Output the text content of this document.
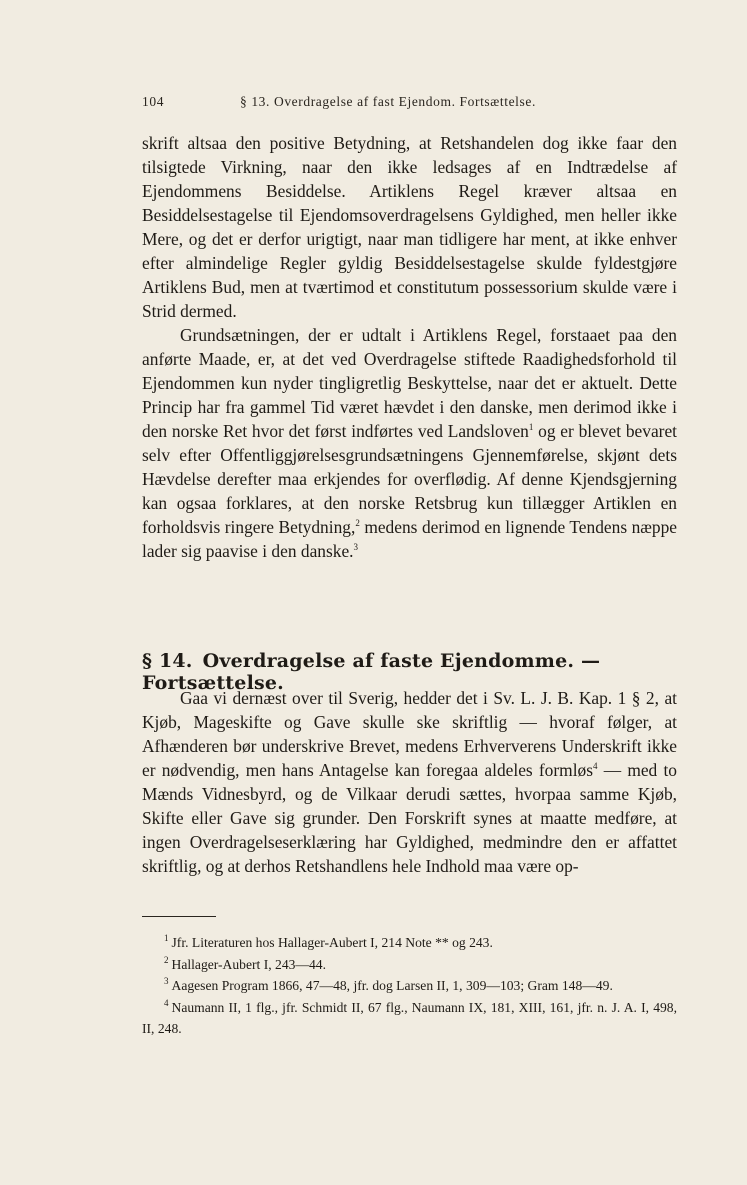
104	§ 13. Overdragelse af fast Ejendom. Fortsættelse.

skrift altsaa den positive Betydning, at Retshandelen dog ikke faar den tilsigtede Virkning, naar den ikke ledsages af en Indtrædelse af Ejendommens Besiddelse. Artiklens Regel kræver altsaa en Besiddelsestagelse til Ejendomsoverdragelsens Gyldighed, men heller ikke Mere, og det er derfor urigtigt, naar man tidligere har ment, at ikke enhver efter almindelige Regler gyldig Besiddelsestagelse skulde fyldestgjøre Artiklens Bud, men at tværtimod et constitutum possessorium skulde være i Strid dermed.

Grundsætningen, der er udtalt i Artiklens Regel, forstaaet paa den anførte Maade, er, at det ved Overdragelse stiftede Raadighedsforhold til Ejendommen kun nyder tingligretlig Beskyttelse, naar det er aktuelt. Dette Princip har fra gammel Tid været hævdet i den danske, men derimod ikke i den norske Ret hvor det først indførtes ved Landsloven$^1$ og er blevet bevaret selv efter Offentliggjørelsesgrundsætningens Gjennemførelse, skjønt dets Hævdelse derefter maa erkjendes for overflødig. Af denne Kjendsgjerning kan ogsaa forklares, at den norske Retsbrug kun tillægger Artiklen en forholdsvis ringere Betydning,$^2$ medens derimod en lignende Tendens næppe lader sig paavise i den danske.$^3$

§ 14. Overdragelse af faste Ejendomme. — Fortsættelse.

Gaa vi dernæst over til Sverig, hedder det i Sv. L. J. B. Kap. 1 § 2, at Kjøb, Mageskifte og Gave skulle ske skriftlig — hvoraf følger, at Afhænderen bør underskrive Brevet, medens Erhververens Underskrift ikke er nødvendig, men hans Antagelse kan foregaa aldeles formløs$^4$ — med to Mænds Vidnesbyrd, og de Vilkaar derudi sættes, hvorpaa samme Kjøb, Skifte eller Gave sig grunder. Den Forskrift synes at maatte medføre, at ingen Overdragelseserklæring har Gyldighed, medmindre den er affattet skriftlig, og at derhos Retshandlens hele Indhold maa være op-

$^1$ Jfr. Literaturen hos Hallager-Aubert I, 214 Note ** og 243.

$^2$ Hallager-Aubert I, 243—44.

$^3$ Aagesen Program 1866, 47—48, jfr. dog Larsen II, 1, 309—103; Gram 148—49.

$^4$ Naumann II, 1 flg., jfr. Schmidt II, 67 flg., Naumann IX, 181, XIII, 161, jfr. n. J. A. I, 498, II, 248.
